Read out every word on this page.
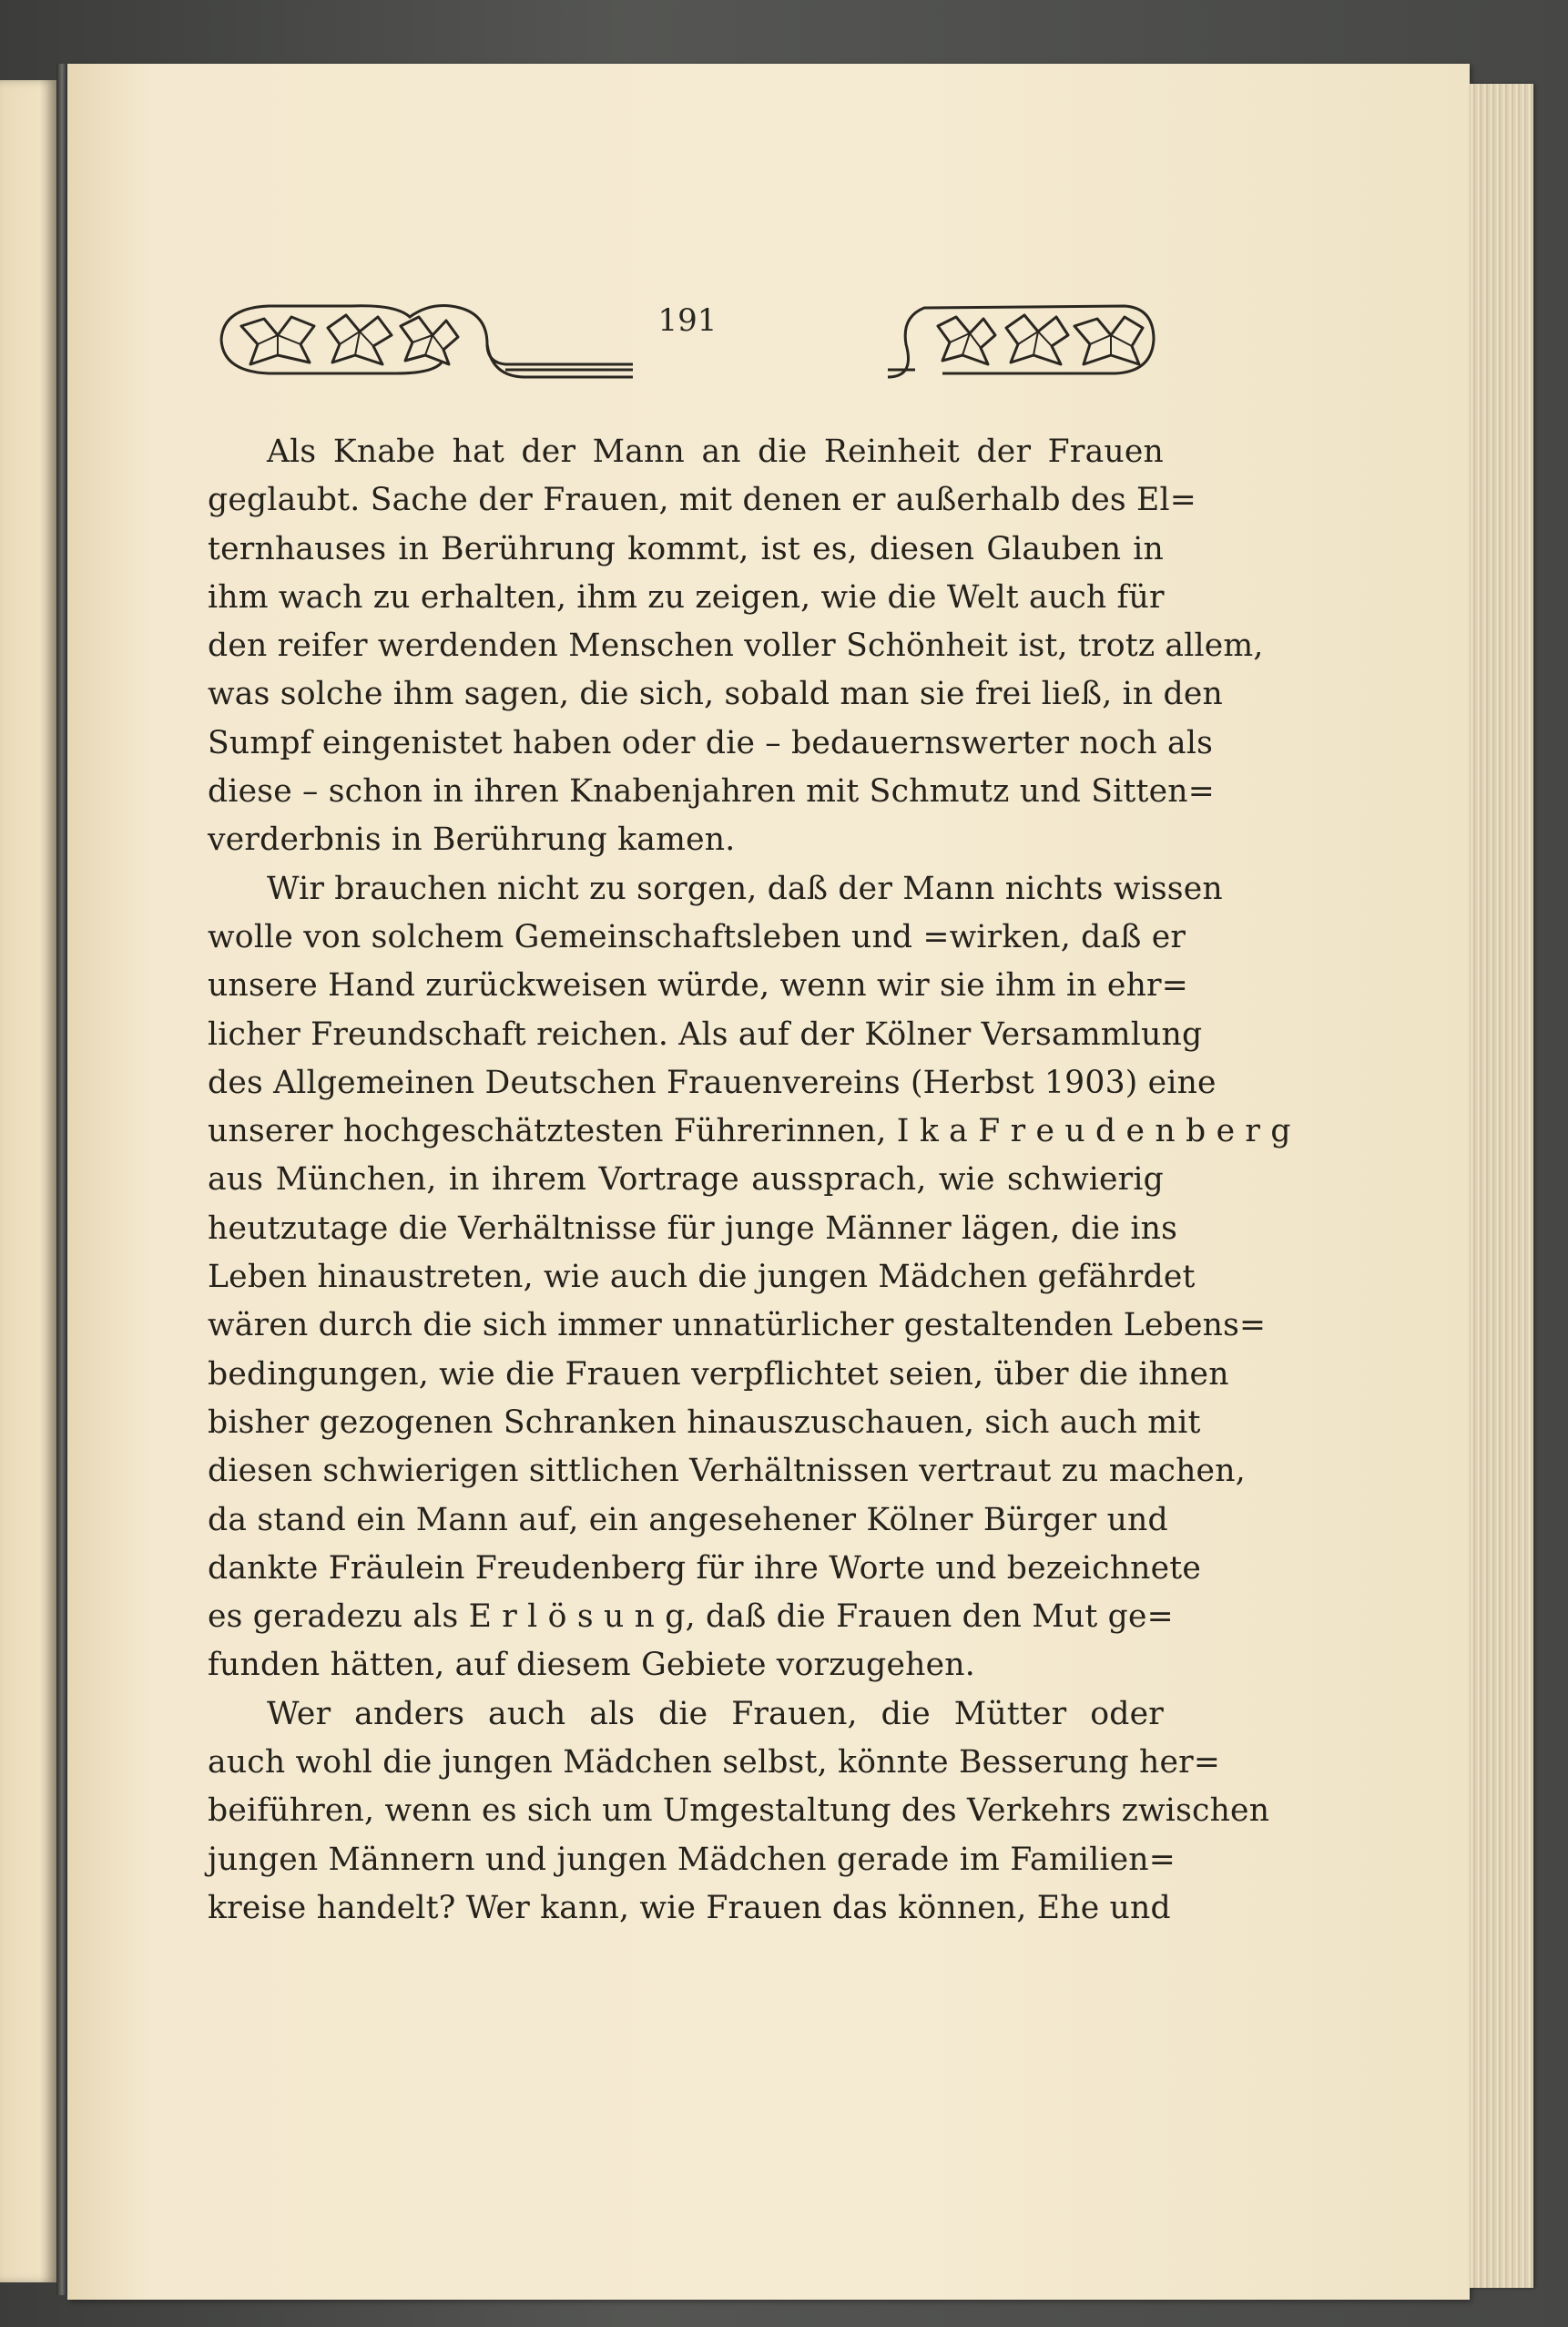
191
Als Knabe hat der Mann an die Reinheit der Frauen
geglaubt. Sache der Frauen, mit denen er außerhalb des El=
ternhauses in Berührung kommt, ist es, diesen Glauben in
ihm wach zu erhalten, ihm zu zeigen, wie die Welt auch für
den reifer werdenden Menschen voller Schönheit ist, trotz allem,
was solche ihm sagen, die sich, sobald man sie frei ließ, in den
Sumpf eingenistet haben oder die – bedauernswerter noch als
diese – schon in ihren Knabenjahren mit Schmutz und Sitten=
verderbnis in Berührung kamen.
Wir brauchen nicht zu sorgen, daß der Mann nichts wissen
wolle von solchem Gemeinschaftsleben und =wirken, daß er
unsere Hand zurückweisen würde, wenn wir sie ihm in ehr=
licher Freundschaft reichen. Als auf der Kölner Versammlung
des Allgemeinen Deutschen Frauenvereins (Herbst 1903) eine
unserer hochgeschätztesten Führerinnen, I k a F r e u d e n b e r g
aus München, in ihrem Vortrage aussprach, wie schwierig
heutzutage die Verhältnisse für junge Männer lägen, die ins
Leben hinaustreten, wie auch die jungen Mädchen gefährdet
wären durch die sich immer unnatürlicher gestaltenden Lebens=
bedingungen, wie die Frauen verpflichtet seien, über die ihnen
bisher gezogenen Schranken hinauszuschauen, sich auch mit
diesen schwierigen sittlichen Verhältnissen vertraut zu machen,
da stand ein Mann auf, ein angesehener Kölner Bürger und
dankte Fräulein Freudenberg für ihre Worte und bezeichnete
es geradezu als E r l ö s u n g, daß die Frauen den Mut ge=
funden hätten, auf diesem Gebiete vorzugehen.
Wer anders auch als die Frauen, die Mütter oder
auch wohl die jungen Mädchen selbst, könnte Besserung her=
beiführen, wenn es sich um Umgestaltung des Verkehrs zwischen
jungen Männern und jungen Mädchen gerade im Familien=
kreise handelt? Wer kann, wie Frauen das können, Ehe und
